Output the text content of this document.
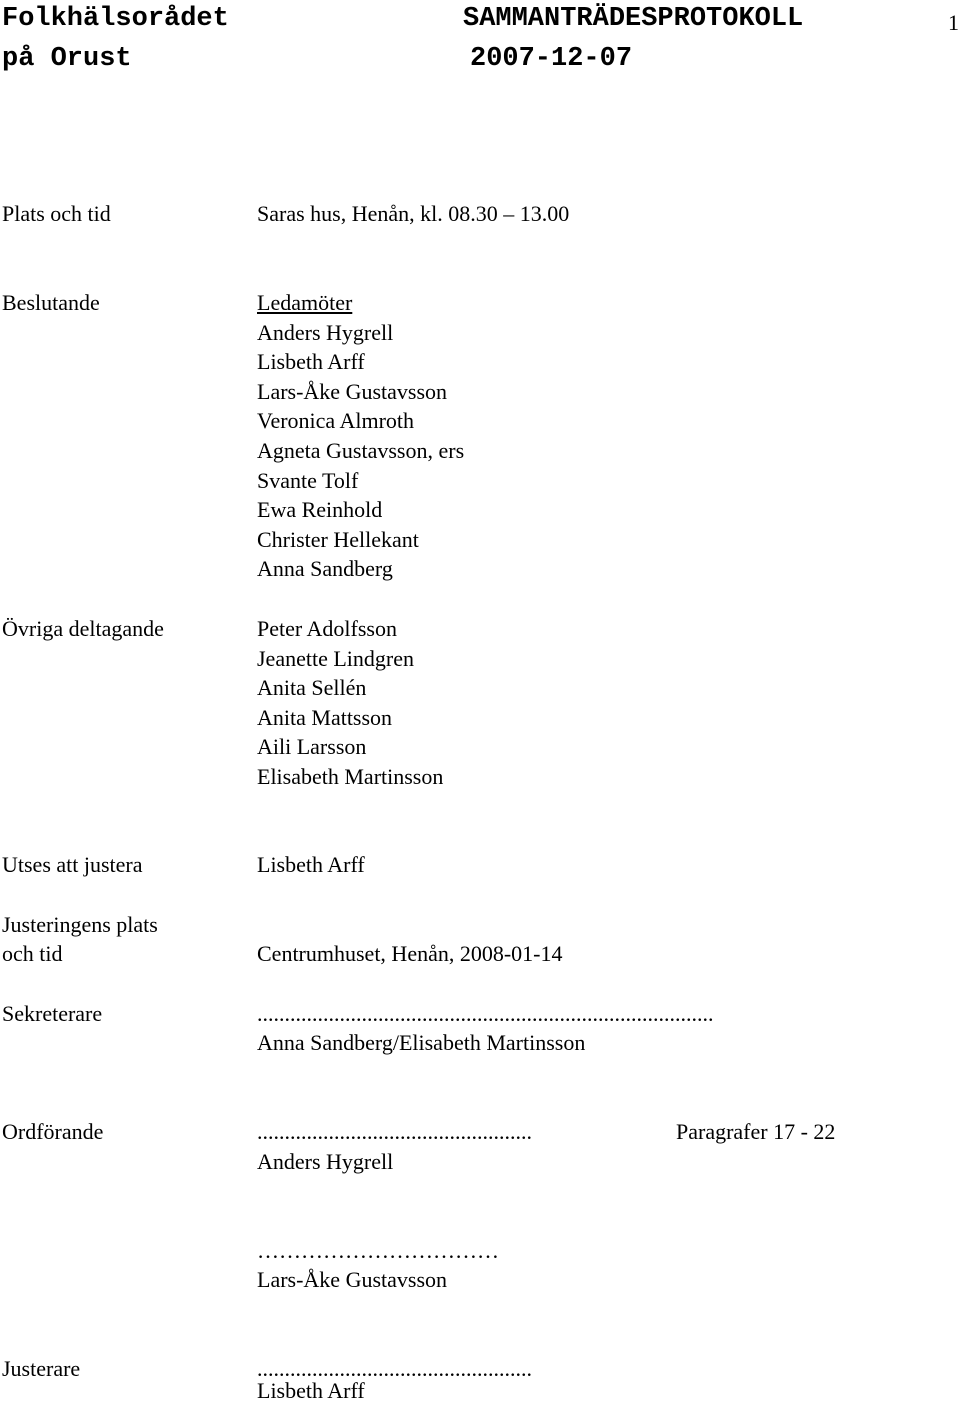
Folkhälsorådet
på Orust
SAMMANTRÄDESPROTOKOLL
2007-12-07
1
Plats och tid	Saras hus, Henån, kl. 08.30 – 13.00
Beslutande	Ledamöter
Anders Hygrell
Lisbeth Arff
Lars-Åke Gustavsson
Veronica Almroth
Agneta Gustavsson, ers
Svante Tolf
Ewa Reinhold
Christer Hellekant
Anna Sandberg
Övriga deltagande	Peter Adolfsson
Jeanette Lindgren
Anita Sellén
Anita Mattsson
Aili Larsson
Elisabeth Martinsson
Utses att justera	Lisbeth Arff
Justeringens plats
och tid	Centrumhuset, Henån, 2008-01-14
Sekreterare	...................................................................................
Anna Sandberg/Elisabeth Martinsson
Ordförande	..................................................	Paragrafer 17 - 22
Anders Hygrell
……………………………
Lars-Åke Gustavsson
Justerare	..................................................
Lisbeth Arff
